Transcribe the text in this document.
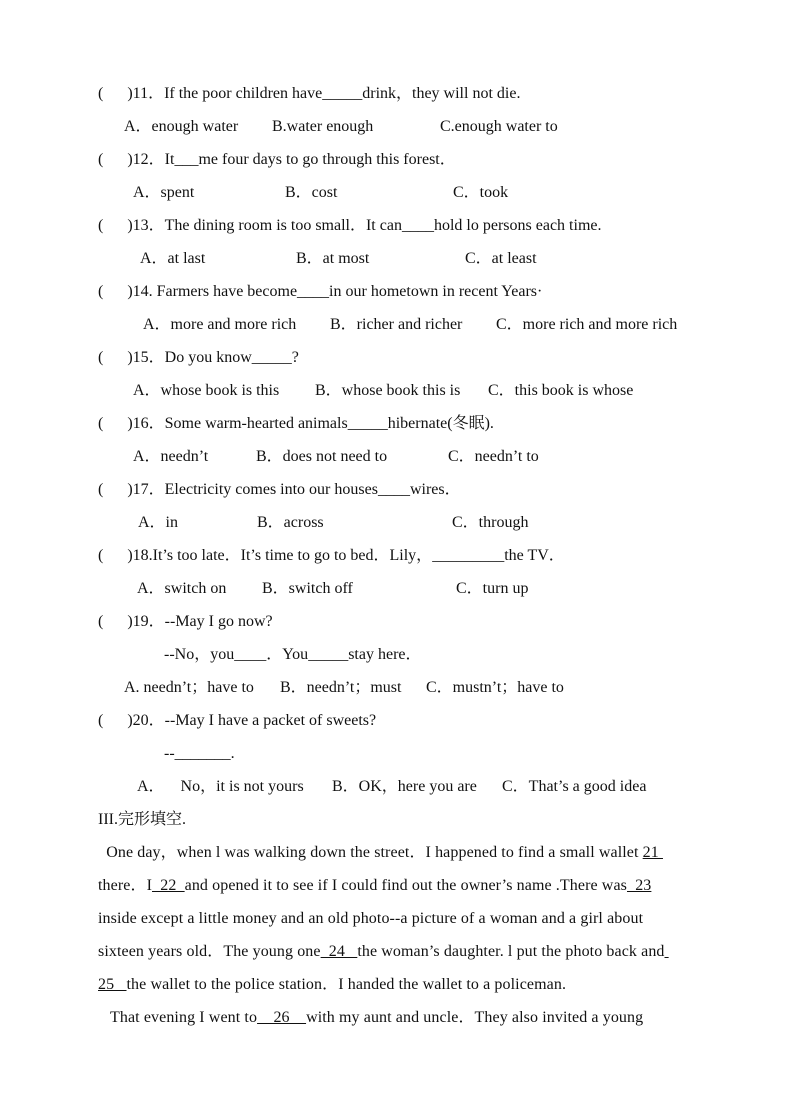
(      )11．If the poor children have_____drink，they will not die.
A．enough water B.water enough	C.enough water to
(      )12．It___me four days to go through this forest．
A．spent	B．cost	C．took
(      )13．The dining room is too small．It can____hold lo persons each time.
A．at last	B．at most	C．at least
(      )14. Farmers have become____in our hometown in recent Years·
A．more and more rich B．richer and richer C．more rich and more rich
(      )15．Do you know_____?
A．whose book is this B．whose book this is C．this book is whose
(      )16．Some warm-hearted animals_____hibernate(冬眠).
A．needn’t	B．does not need to	C．needn’t to
(      )17．Electricity comes into our houses____wires．
A．in	B．across	C．through
(      )18.It’s too late．It’s time to go to bed．Lily，_________the TV．
A．switch on B．switch off	C．turn up
(      )19．--May I go now?
--No，you____．You_____stay here．
A. needn’t；have to B．needn’t；must C．mustn’t；have to
(      )20．--May I have a packet of sweets?
--_______.
A．    No，it is not yours B．OK，here you are C．That’s a good idea
III.完形填空.
One day，when l was walking down the street．I happened to find a small wallet 21
there．I  22  and opened it to see if I could find out the owner’s name .There was  23
inside except a little money and an old photo--a picture of a woman and a girl about
sixteen years old．The young one  24   the woman’s daughter. l put the photo back and
25   the wallet to the police station．I handed the wallet to a policeman.
That evening I went to    26    with my aunt and uncle．They also invited a young
